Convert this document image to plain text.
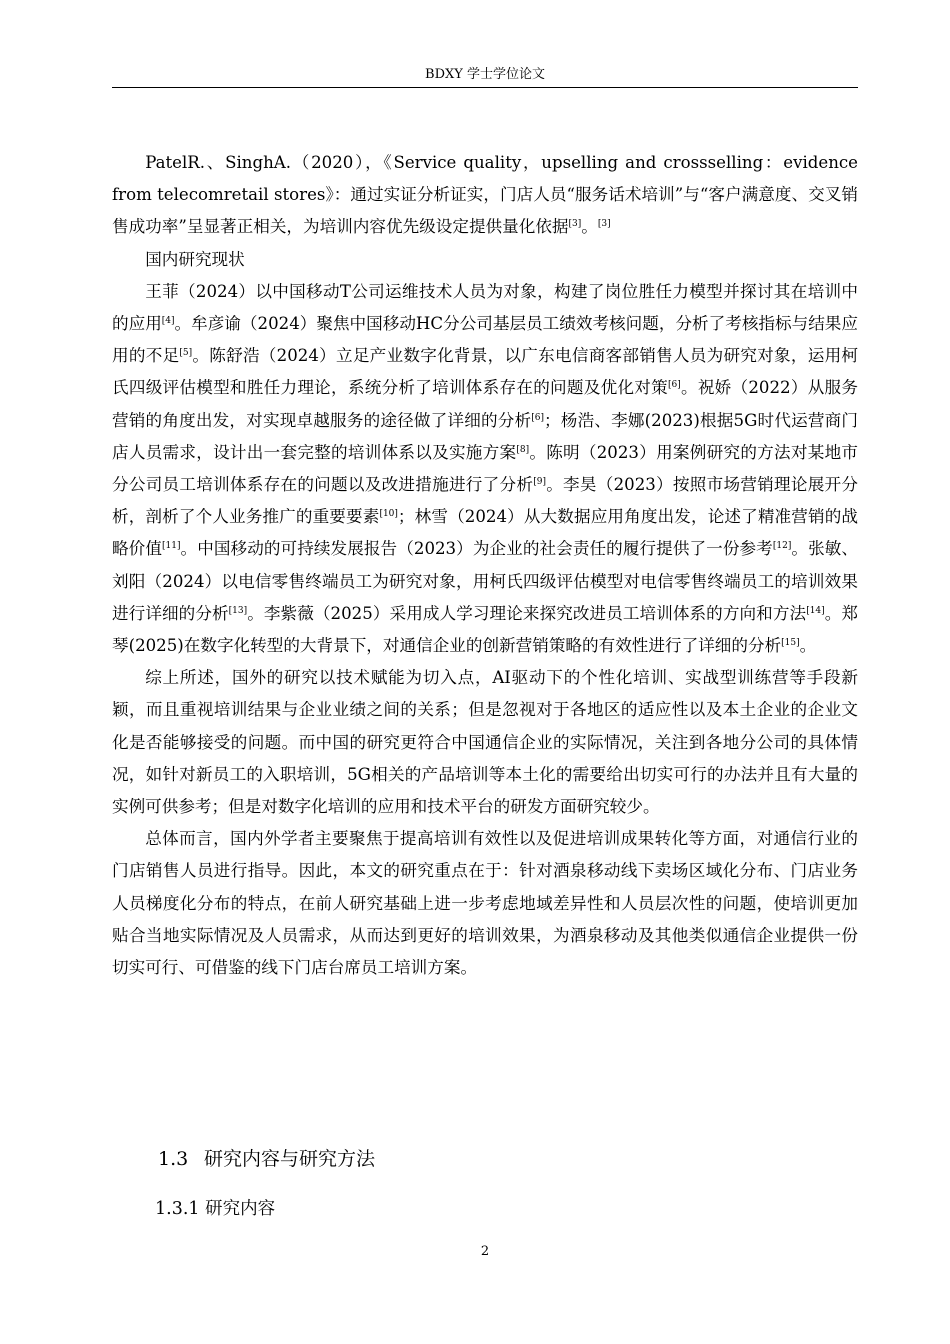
BDXY 学士学位论文

PatelR.、SinghA.（2020），《Service quality，upselling and crossselling：evidence from telecomretail stores》：通过实证分析证实，门店人员“服务话术培训”与“客户满意度、交叉销售成功率”呈显著正相关，为培训内容优先级设定提供量化依据[3]。[3]

国内研究现状

王菲（2024）以中国移动T公司运维技术人员为对象，构建了岗位胜任力模型并探讨其在培训中的应用[4]。牟彦谕（2024）聚焦中国移动HC分公司基层员工绩效考核问题，分析了考核指标与结果应用的不足[5]。陈舒浩（2024）立足产业数字化背景，以广东电信商客部销售人员为研究对象，运用柯氏四级评估模型和胜任力理论，系统分析了培训体系存在的问题及优化对策[6]。祝娇（2022）从服务营销的角度出发，对实现卓越服务的途径做了详细的分析[6]；杨浩、李娜(2023)根据5G时代运营商门店人员需求，设计出一套完整的培训体系以及实施方案[8]。陈明（2023）用案例研究的方法对某地市分公司员工培训体系存在的问题以及改进措施进行了分析[9]。李昊（2023）按照市场营销理论展开分析，剖析了个人业务推广的重要要素[10]；林雪（2024）从大数据应用角度出发，论述了精准营销的战略价值[11]。中国移动的可持续发展报告（2023）为企业的社会责任的履行提供了一份参考[12]。张敏、刘阳（2024）以电信零售终端员工为研究对象，用柯氏四级评估模型对电信零售终端员工的培训效果进行详细的分析[13]。李紫薇（2025）采用成人学习理论来探究改进员工培训体系的方向和方法[14]。郑琴(2025)在数字化转型的大背景下，对通信企业的创新营销策略的有效性进行了详细的分析[15]。

综上所述，国外的研究以技术赋能为切入点，AI驱动下的个性化培训、实战型训练营等手段新颖，而且重视培训结果与企业业绩之间的关系；但是忽视对于各地区的适应性以及本土企业的企业文化是否能够接受的问题。而中国的研究更符合中国通信企业的实际情况，关注到各地分公司的具体情况，如针对新员工的入职培训，5G相关的产品培训等本土化的需要给出切实可行的办法并且有大量的实例可供参考；但是对数字化培训的应用和技术平台的研发方面研究较少。

总体而言，国内外学者主要聚焦于提高培训有效性以及促进培训成果转化等方面，对通信行业的门店销售人员进行指导。因此，本文的研究重点在于：针对酒泉移动线下卖场区域化分布、门店业务人员梯度化分布的特点，在前人研究基础上进一步考虑地域差异性和人员层次性的问题，使培训更加贴合当地实际情况及人员需求，从而达到更好的培训效果，为酒泉移动及其他类似通信企业提供一份切实可行、可借鉴的线下门店台席员工培训方案。

1.3 研究内容与研究方法
1.3.1 研究内容
2
